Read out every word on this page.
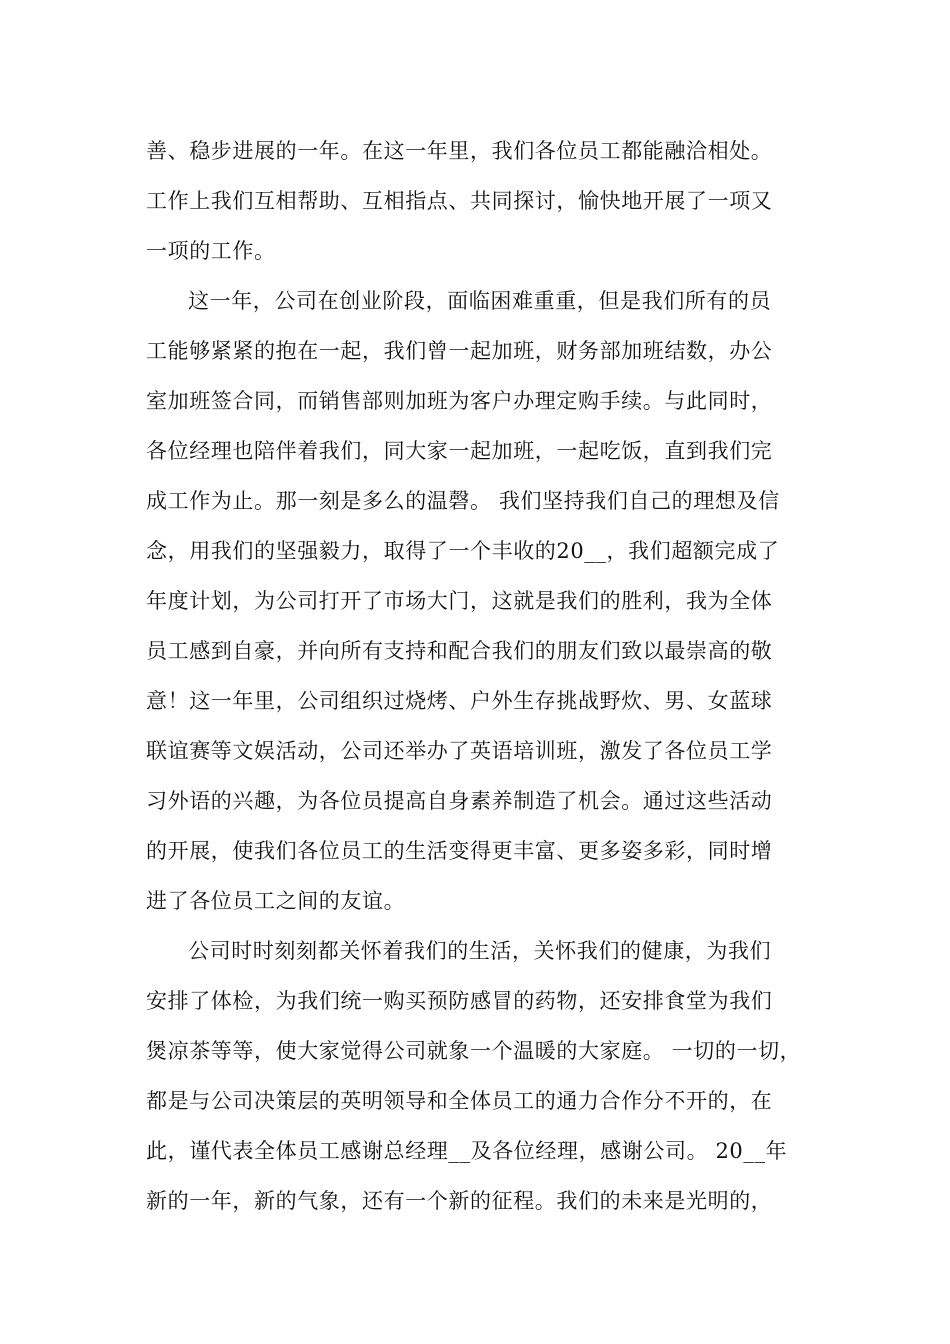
善、稳步进展的一年。在这一年里，我们各位员工都能融洽相处。
工作上我们互相帮助、互相指点、共同探讨，愉快地开展了一项又
一项的工作。
这一年，公司在创业阶段，面临困难重重，但是我们所有的员
工能够紧紧的抱在一起，我们曾一起加班，财务部加班结数，办公
室加班签合同，而销售部则加班为客户办理定购手续。与此同时，
各位经理也陪伴着我们，同大家一起加班，一起吃饭，直到我们完
成工作为止。那一刻是多么的温磬。 我们坚持我们自己的理想及信
念，用我们的坚强毅力，取得了一个丰收的20__，我们超额完成了
年度计划，为公司打开了市场大门，这就是我们的胜利，我为全体
员工感到自豪，并向所有支持和配合我们的朋友们致以最崇高的敬
意！这一年里，公司组织过烧烤、户外生存挑战野炊、男、女蓝球
联谊赛等文娱活动，公司还举办了英语培训班，激发了各位员工学
习外语的兴趣，为各位员提高自身素养制造了机会。通过这些活动
的开展，使我们各位员工的生活变得更丰富、更多姿多彩，同时增
进了各位员工之间的友谊。
公司时时刻刻都关怀着我们的生活，关怀我们的健康，为我们
安排了体检，为我们统一购买预防感冒的药物，还安排食堂为我们
煲凉茶等等，使大家觉得公司就象一个温暖的大家庭。 一切的一切，
都是与公司决策层的英明领导和全体员工的通力合作分不开的，在
此，谨代表全体员工感谢总经理__及各位经理，感谢公司。 20__年
新的一年，新的气象，还有一个新的征程。我们的未来是光明的，
